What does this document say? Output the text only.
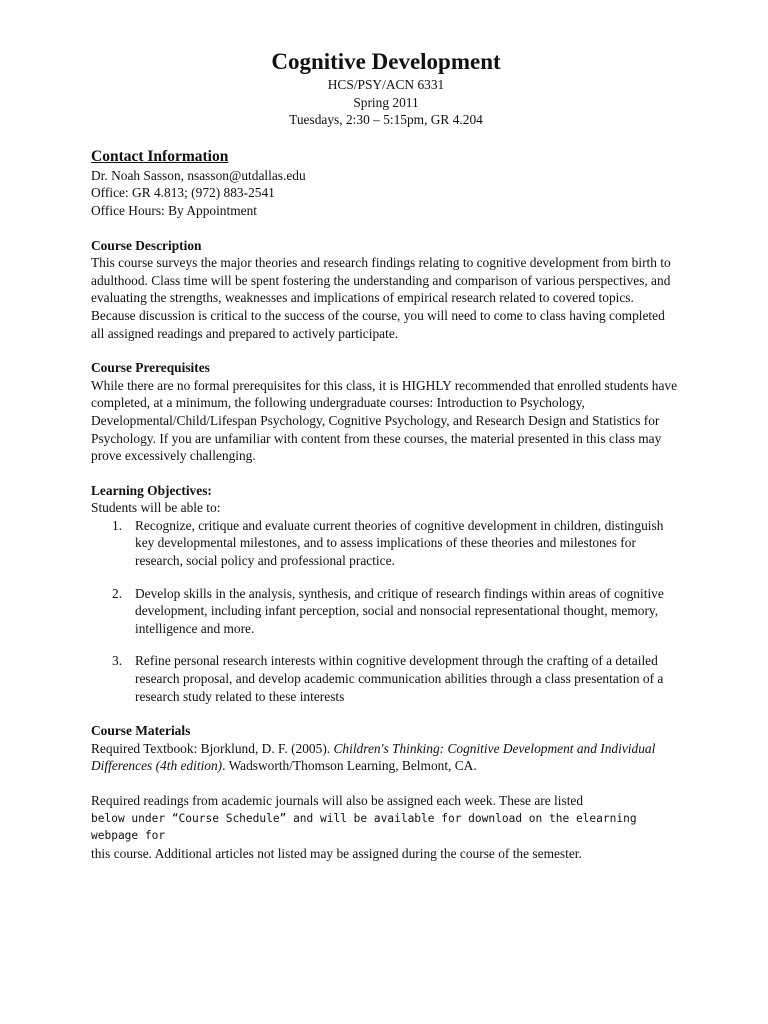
Cognitive Development
HCS/PSY/ACN 6331
Spring 2011
Tuesdays, 2:30 – 5:15pm, GR 4.204
Contact Information
Dr. Noah Sasson, nsasson@utdallas.edu
Office: GR 4.813; (972) 883-2541
Office Hours: By Appointment
Course Description

This course surveys the major theories and research findings relating to cognitive development from birth to adulthood. Class time will be spent fostering the understanding and comparison of various perspectives, and evaluating the strengths, weaknesses and implications of empirical research related to covered topics. Because discussion is critical to the success of the course, you will need to come to class having completed all assigned readings and prepared to actively participate.

Course Prerequisites

While there are no formal prerequisites for this class, it is HIGHLY recommended that enrolled students have completed, at a minimum, the following undergraduate courses: Introduction to Psychology, Developmental/Child/Lifespan Psychology, Cognitive Psychology, and Research Design and Statistics for Psychology. If you are unfamiliar with content from these courses, the material presented in this class may prove excessively challenging.

Learning Objectives:
Students will be able to:
1. Recognize, critique and evaluate current theories of cognitive development in children, distinguish key developmental milestones, and to assess implications of these theories and milestones for research, social policy and professional practice.
2. Develop skills in the analysis, synthesis, and critique of research findings within areas of cognitive development, including infant perception, social and nonsocial representational thought, memory, intelligence and more.
3. Refine personal research interests within cognitive development through the crafting of a detailed research proposal, and develop academic communication abilities through a class presentation of a research study related to these interests
Course Materials

Required Textbook: Bjorklund, D. F. (2005). Children's Thinking: Cognitive Development and Individual Differences (4th edition). Wadsworth/Thomson Learning, Belmont, CA.

Required readings from academic journals will also be assigned each week. These are listed
below under “Course Schedule” and will be available for download on the elearning webpage for
this course. Additional articles not listed may be assigned during the course of the semester.
